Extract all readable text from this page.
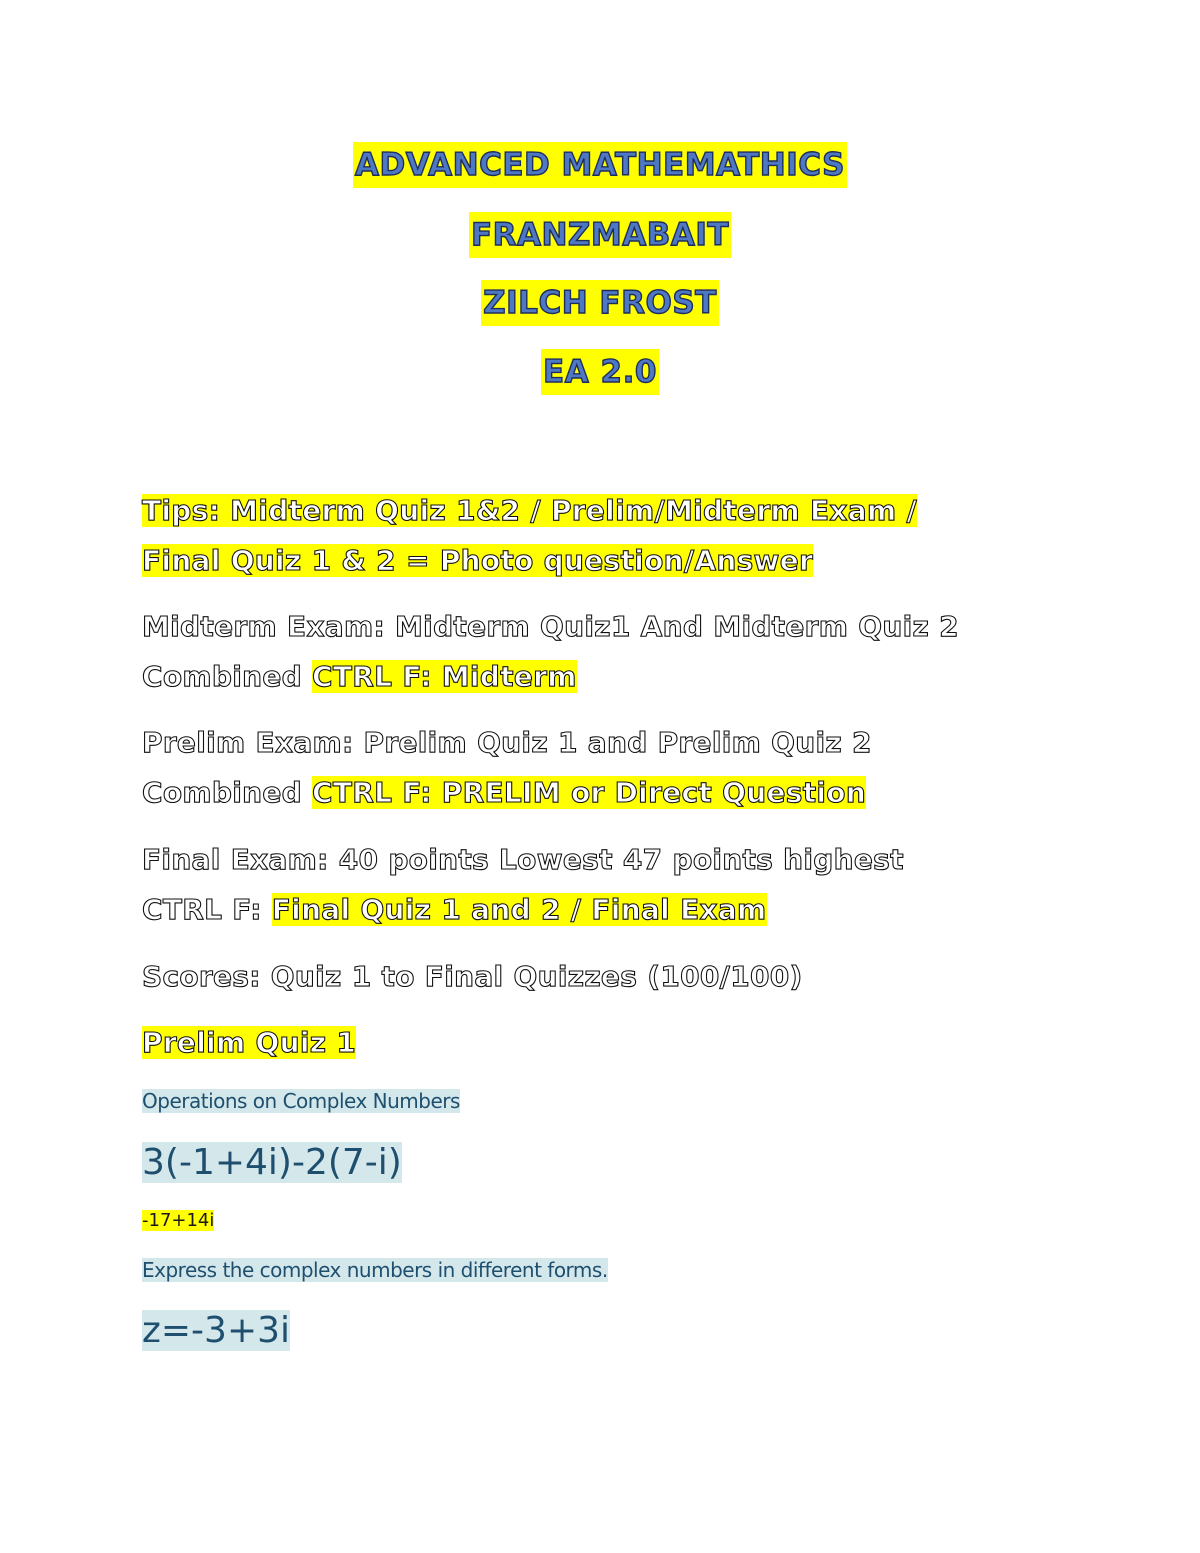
ADVANCED MATHEMATHICS

FRANZMABAIT

ZILCH FROST

EA 2.0

Tips: Midterm Quiz 1&2 / Prelim/Midterm Exam /
Final Quiz 1 & 2 = Photo question/Answer

Midterm Exam: Midterm Quiz1 And Midterm Quiz 2
Combined CTRL F: Midterm

Prelim Exam: Prelim Quiz 1 and Prelim Quiz 2
Combined CTRL F: PRELIM or Direct Question

Final Exam: 40 points Lowest 47 points highest
CTRL F: Final Quiz 1 and 2 / Final Exam

Scores: Quiz 1 to Final Quizzes (100/100)

Prelim Quiz 1

Operations on Complex Numbers

3(-1+4i)-2(7-i)

-17+14i

Express the complex numbers in different forms.

z=-3+3i
